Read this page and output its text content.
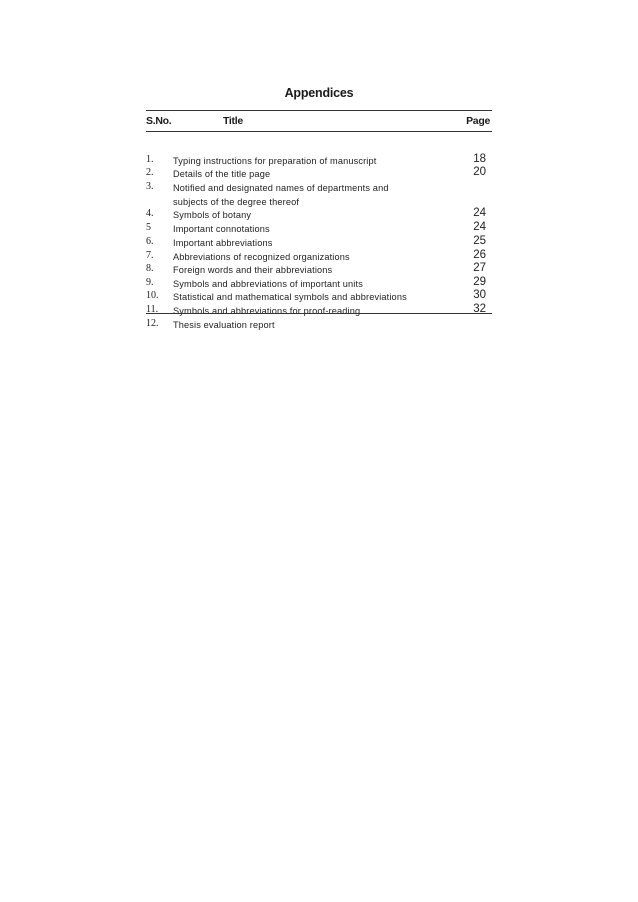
Appendices
S.No.	Title	Page
1. Typing instructions for preparation of manuscript	18
2. Details of the title page	20
3. Notified and designated names of departments and subjects of the degree thereof
4. Symbols of botany	24
5 Important connotations	24
6. Important abbreviations	25
7. Abbreviations of recognized organizations	26
8. Foreign words and their abbreviations	27
9. Symbols and abbreviations of important units	29
10. Statistical and mathematical symbols and abbreviations	30
11. Symbols and abbreviations for proof-reading	32
12. Thesis evaluation report
